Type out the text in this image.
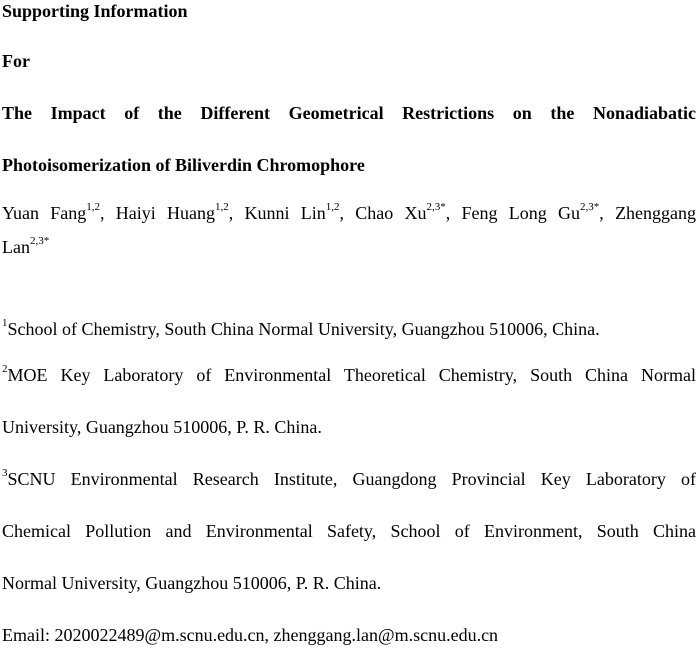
Supporting Information
For
The Impact of the Different Geometrical Restrictions on the Nonadiabatic
Photoisomerization of Biliverdin Chromophore
Yuan Fang$^{1,2}$, Haiyi Huang$^{1,2}$, Kunni Lin$^{1,2}$, Chao $Xu^{2,3*}$, Feng Long $Gu^{2,3*}$, Zhenggang
Lan$^{2,3*}$
$^1$School of Chemistry, South China Normal University, Guangzhou 510006, China.
$^2$MOE Key Laboratory of Environmental Theoretical Chemistry, South China Normal
University, Guangzhou 510006, P. R. China.
$^3$SCNU Environmental Research Institute, Guangdong Provincial Key Laboratory of
Chemical Pollution and Environmental Safety, School of Environment, South China
Normal University, Guangzhou 510006, P. R. China.
Email: 2020022489@m.scnu.edu.cn, zhenggang.lan@m.scnu.edu.cn
